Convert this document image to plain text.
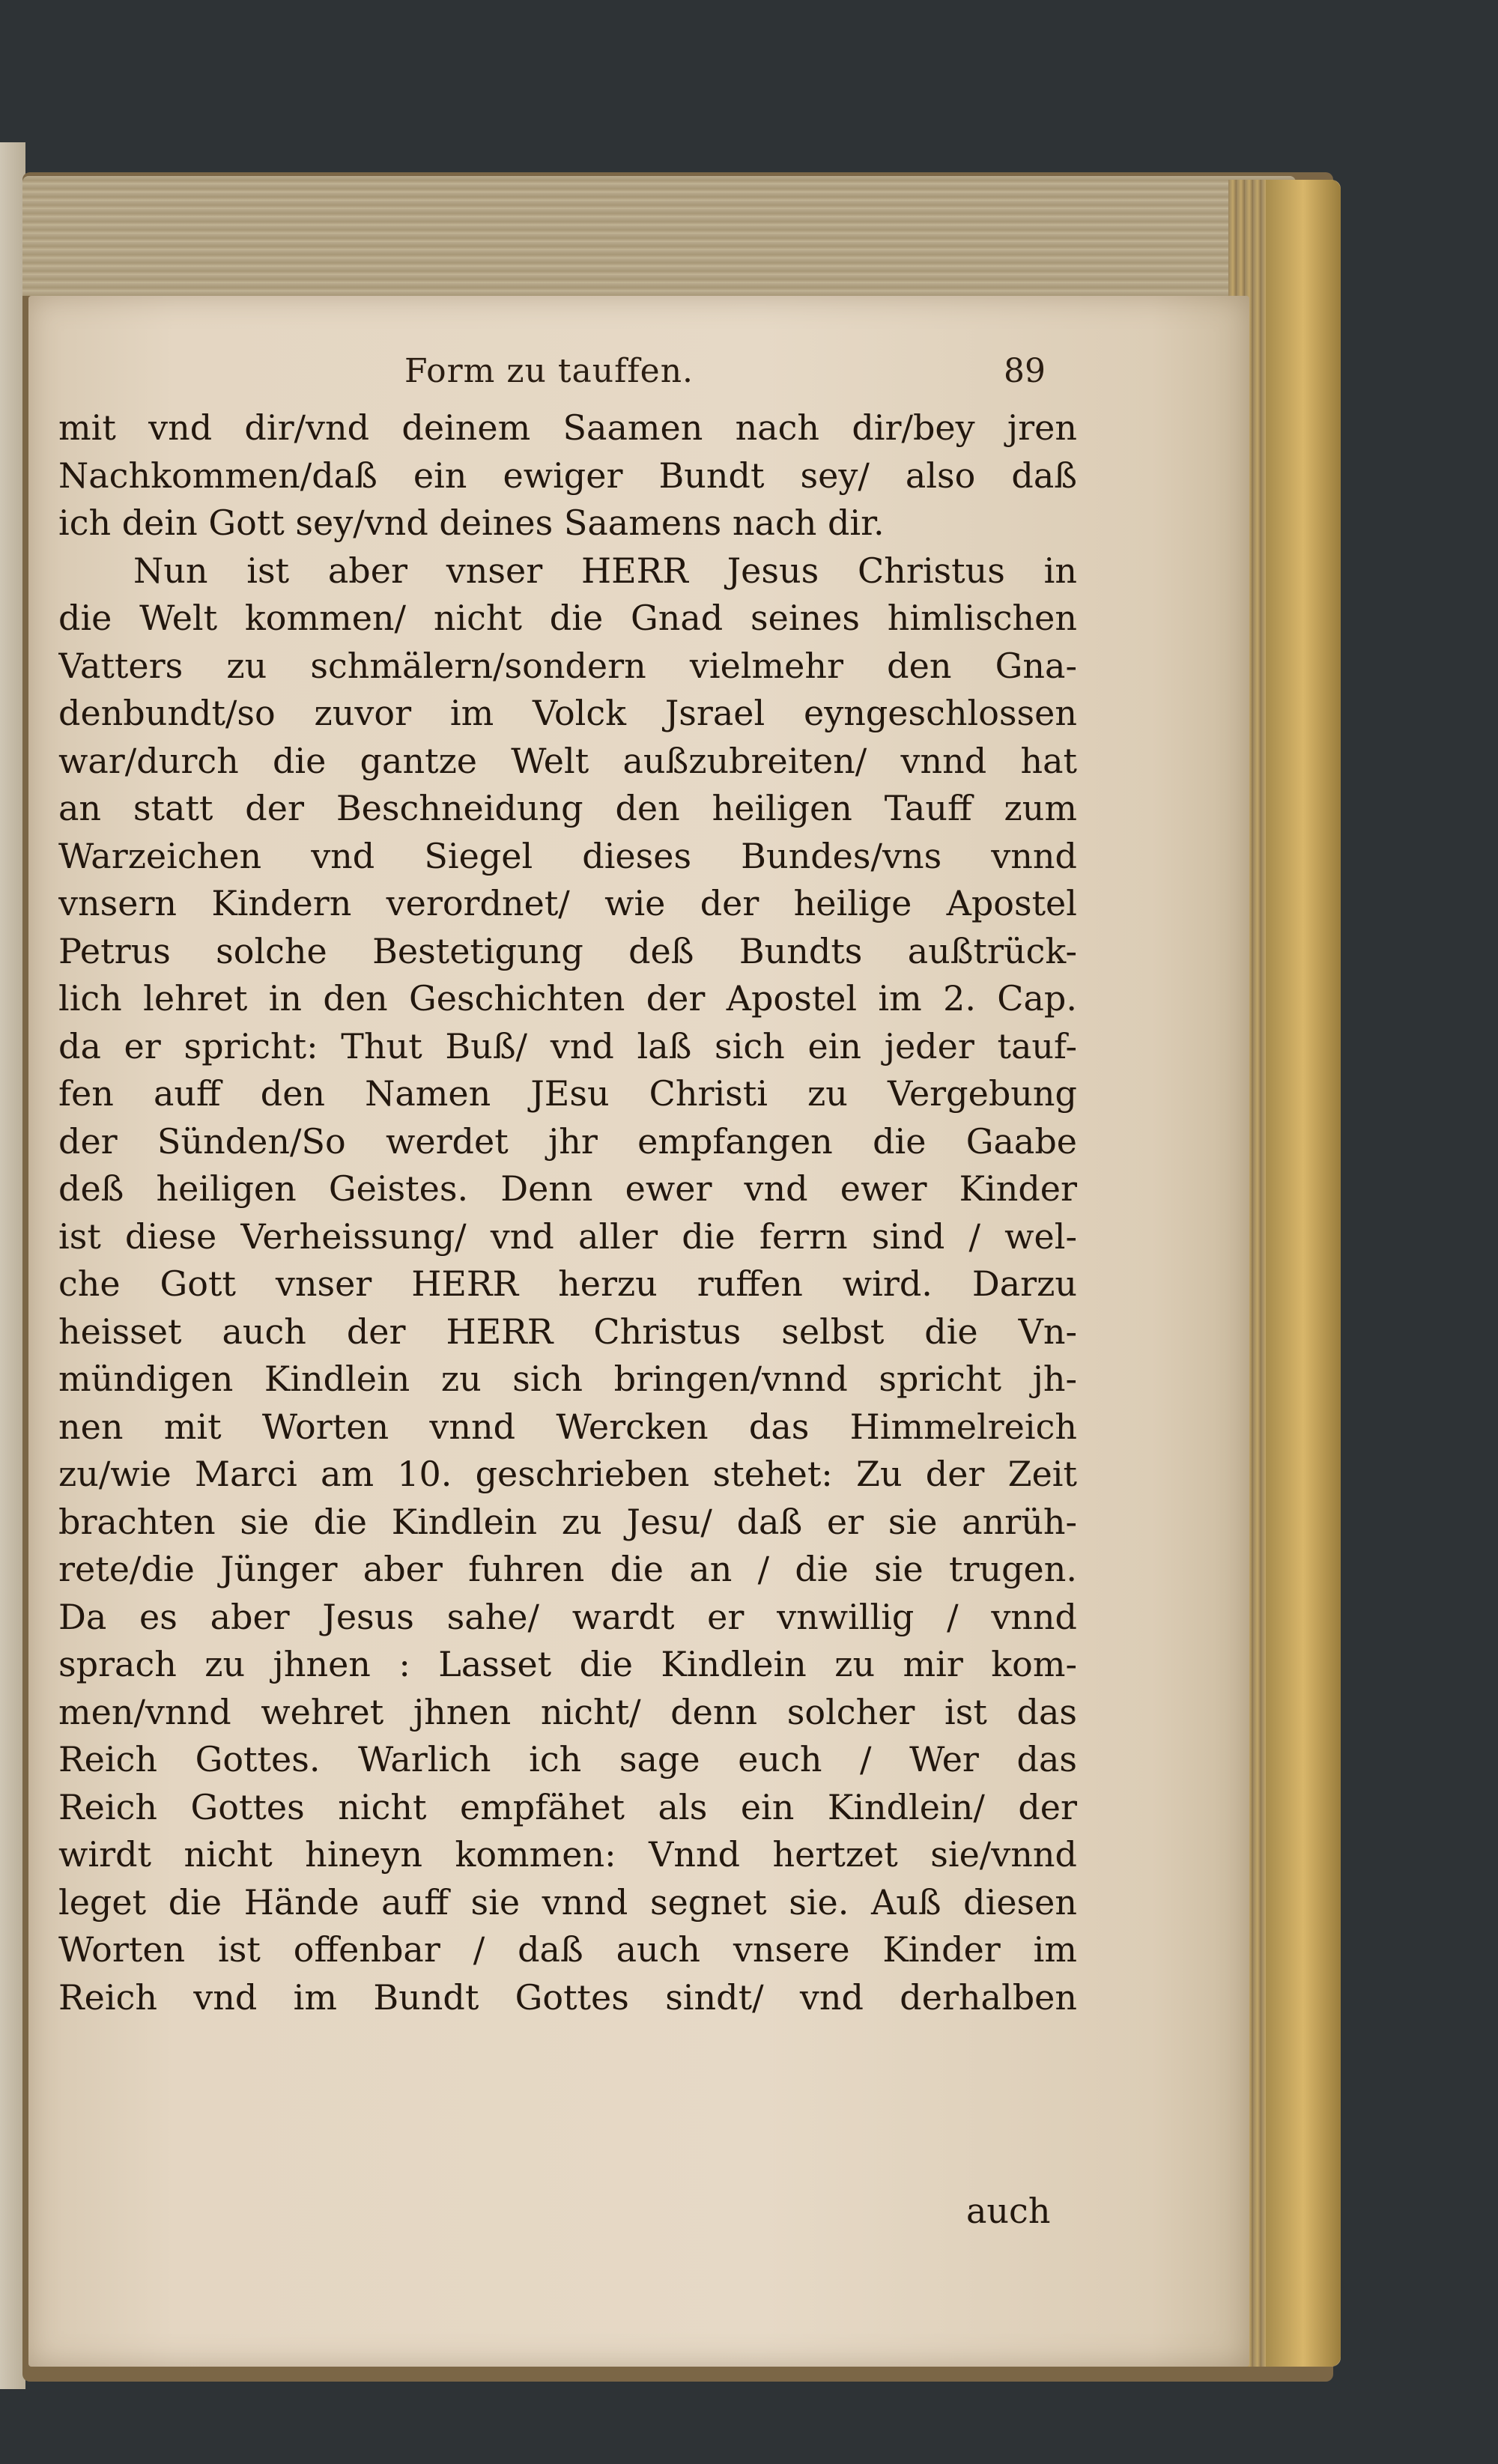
Form zu tauffen.	89
mit vnd dir/vnd deinem Saamen nach dir/bey jren
Nachkommen/daß ein ewiger Bundt sey/ also daß
ich dein Gott sey/vnd deines Saamens nach dir.
Nun ist aber vnser HERR Jesus Christus in
die Welt kommen/ nicht die Gnad seines himlischen
Vatters zu schmälern/sondern vielmehr den Gna-
denbundt/so zuvor im Volck Jsrael eyngeschlossen
war/durch die gantze Welt außzubreiten/ vnnd hat
an statt der Beschneidung den heiligen Tauff zum
Warzeichen vnd Siegel dieses Bundes/vns vnnd
vnsern Kindern verordnet/ wie der heilige Apostel
Petrus solche Bestetigung deß Bundts außtrück-
lich lehret in den Geschichten der Apostel im 2. Cap.
da er spricht: Thut Buß/ vnd laß sich ein jeder tauf-
fen auff den Namen JEsu Christi zu Vergebung
der Sünden/So werdet jhr empfangen die Gaabe
deß heiligen Geistes. Denn ewer vnd ewer Kinder
ist diese Verheissung/ vnd aller die ferrn sind / wel-
che Gott vnser HERR herzu ruffen wird. Darzu
heisset auch der HERR Christus selbst die Vn-
mündigen Kindlein zu sich bringen/vnnd spricht jh-
nen mit Worten vnnd Wercken das Himmelreich
zu/wie Marci am 10. geschrieben stehet: Zu der Zeit
brachten sie die Kindlein zu Jesu/ daß er sie anrüh-
rete/die Jünger aber fuhren die an / die sie trugen.
Da es aber Jesus sahe/ wardt er vnwillig / vnnd
sprach zu jhnen : Lasset die Kindlein zu mir kom-
men/vnnd wehret jhnen nicht/ denn solcher ist das
Reich Gottes. Warlich ich sage euch / Wer das
Reich Gottes nicht empfähet als ein Kindlein/ der
wirdt nicht hineyn kommen: Vnnd hertzet sie/vnnd
leget die Hände auff sie vnnd segnet sie. Auß diesen
Worten ist offenbar / daß auch vnsere Kinder im
Reich vnd im Bundt Gottes sindt/ vnd derhalben
auch
